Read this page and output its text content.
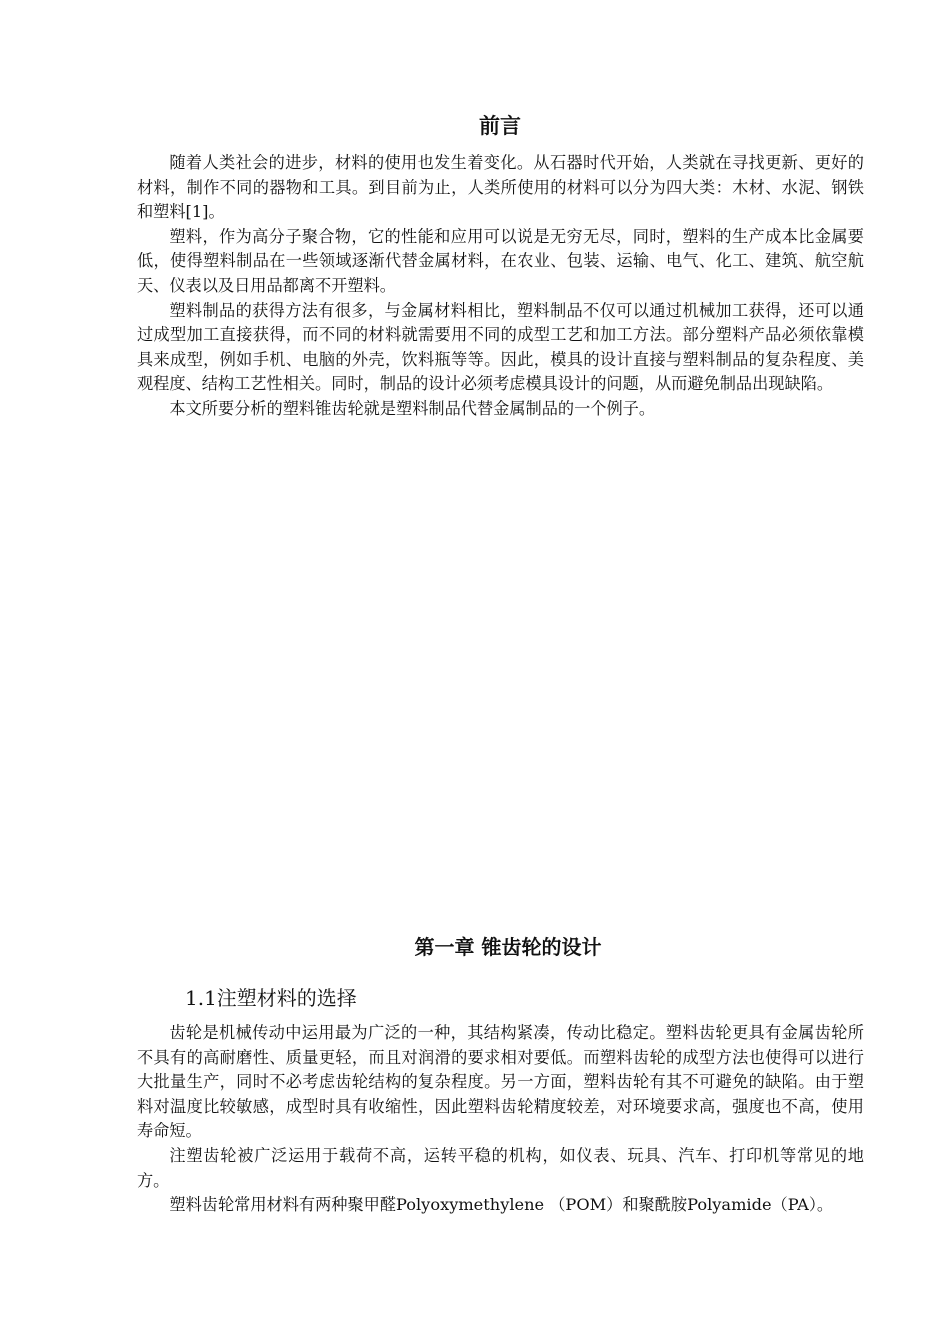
前言

随着人类社会的进步，材料的使用也发生着变化。从石器时代开始，人类就在寻找更新、更好的材料，制作不同的器物和工具。到目前为止，人类所使用的材料可以分为四大类：木材、水泥、钢铁和塑料[1]。

塑料，作为高分子聚合物，它的性能和应用可以说是无穷无尽，同时，塑料的生产成本比金属要低，使得塑料制品在一些领域逐渐代替金属材料，在农业、包装、运输、电气、化工、建筑、航空航天、仪表以及日用品都离不开塑料。

塑料制品的获得方法有很多，与金属材料相比，塑料制品不仅可以通过机械加工获得，还可以通过成型加工直接获得，而不同的材料就需要用不同的成型工艺和加工方法。部分塑料产品必须依靠模具来成型，例如手机、电脑的外壳，饮料瓶等等。因此，模具的设计直接与塑料制品的复杂程度、美观程度、结构工艺性相关。同时，制品的设计必须考虑模具设计的问题，从而避免制品出现缺陷。

本文所要分析的塑料锥齿轮就是塑料制品代替金属制品的一个例子。

第一章 锥齿轮的设计
1.1注塑材料的选择

齿轮是机械传动中运用最为广泛的一种，其结构紧凑，传动比稳定。塑料齿轮更具有金属齿轮所不具有的高耐磨性、质量更轻，而且对润滑的要求相对要低。而塑料齿轮的成型方法也使得可以进行大批量生产，同时不必考虑齿轮结构的复杂程度。另一方面，塑料齿轮有其不可避免的缺陷。由于塑料对温度比较敏感，成型时具有收缩性，因此塑料齿轮精度较差，对环境要求高，强度也不高，使用寿命短。

注塑齿轮被广泛运用于载荷不高，运转平稳的机构，如仪表、玩具、汽车、打印机等常见的地方。

塑料齿轮常用材料有两种聚甲醛Polyoxymethylene （POM）和聚酰胺Polyamide（PA）。
